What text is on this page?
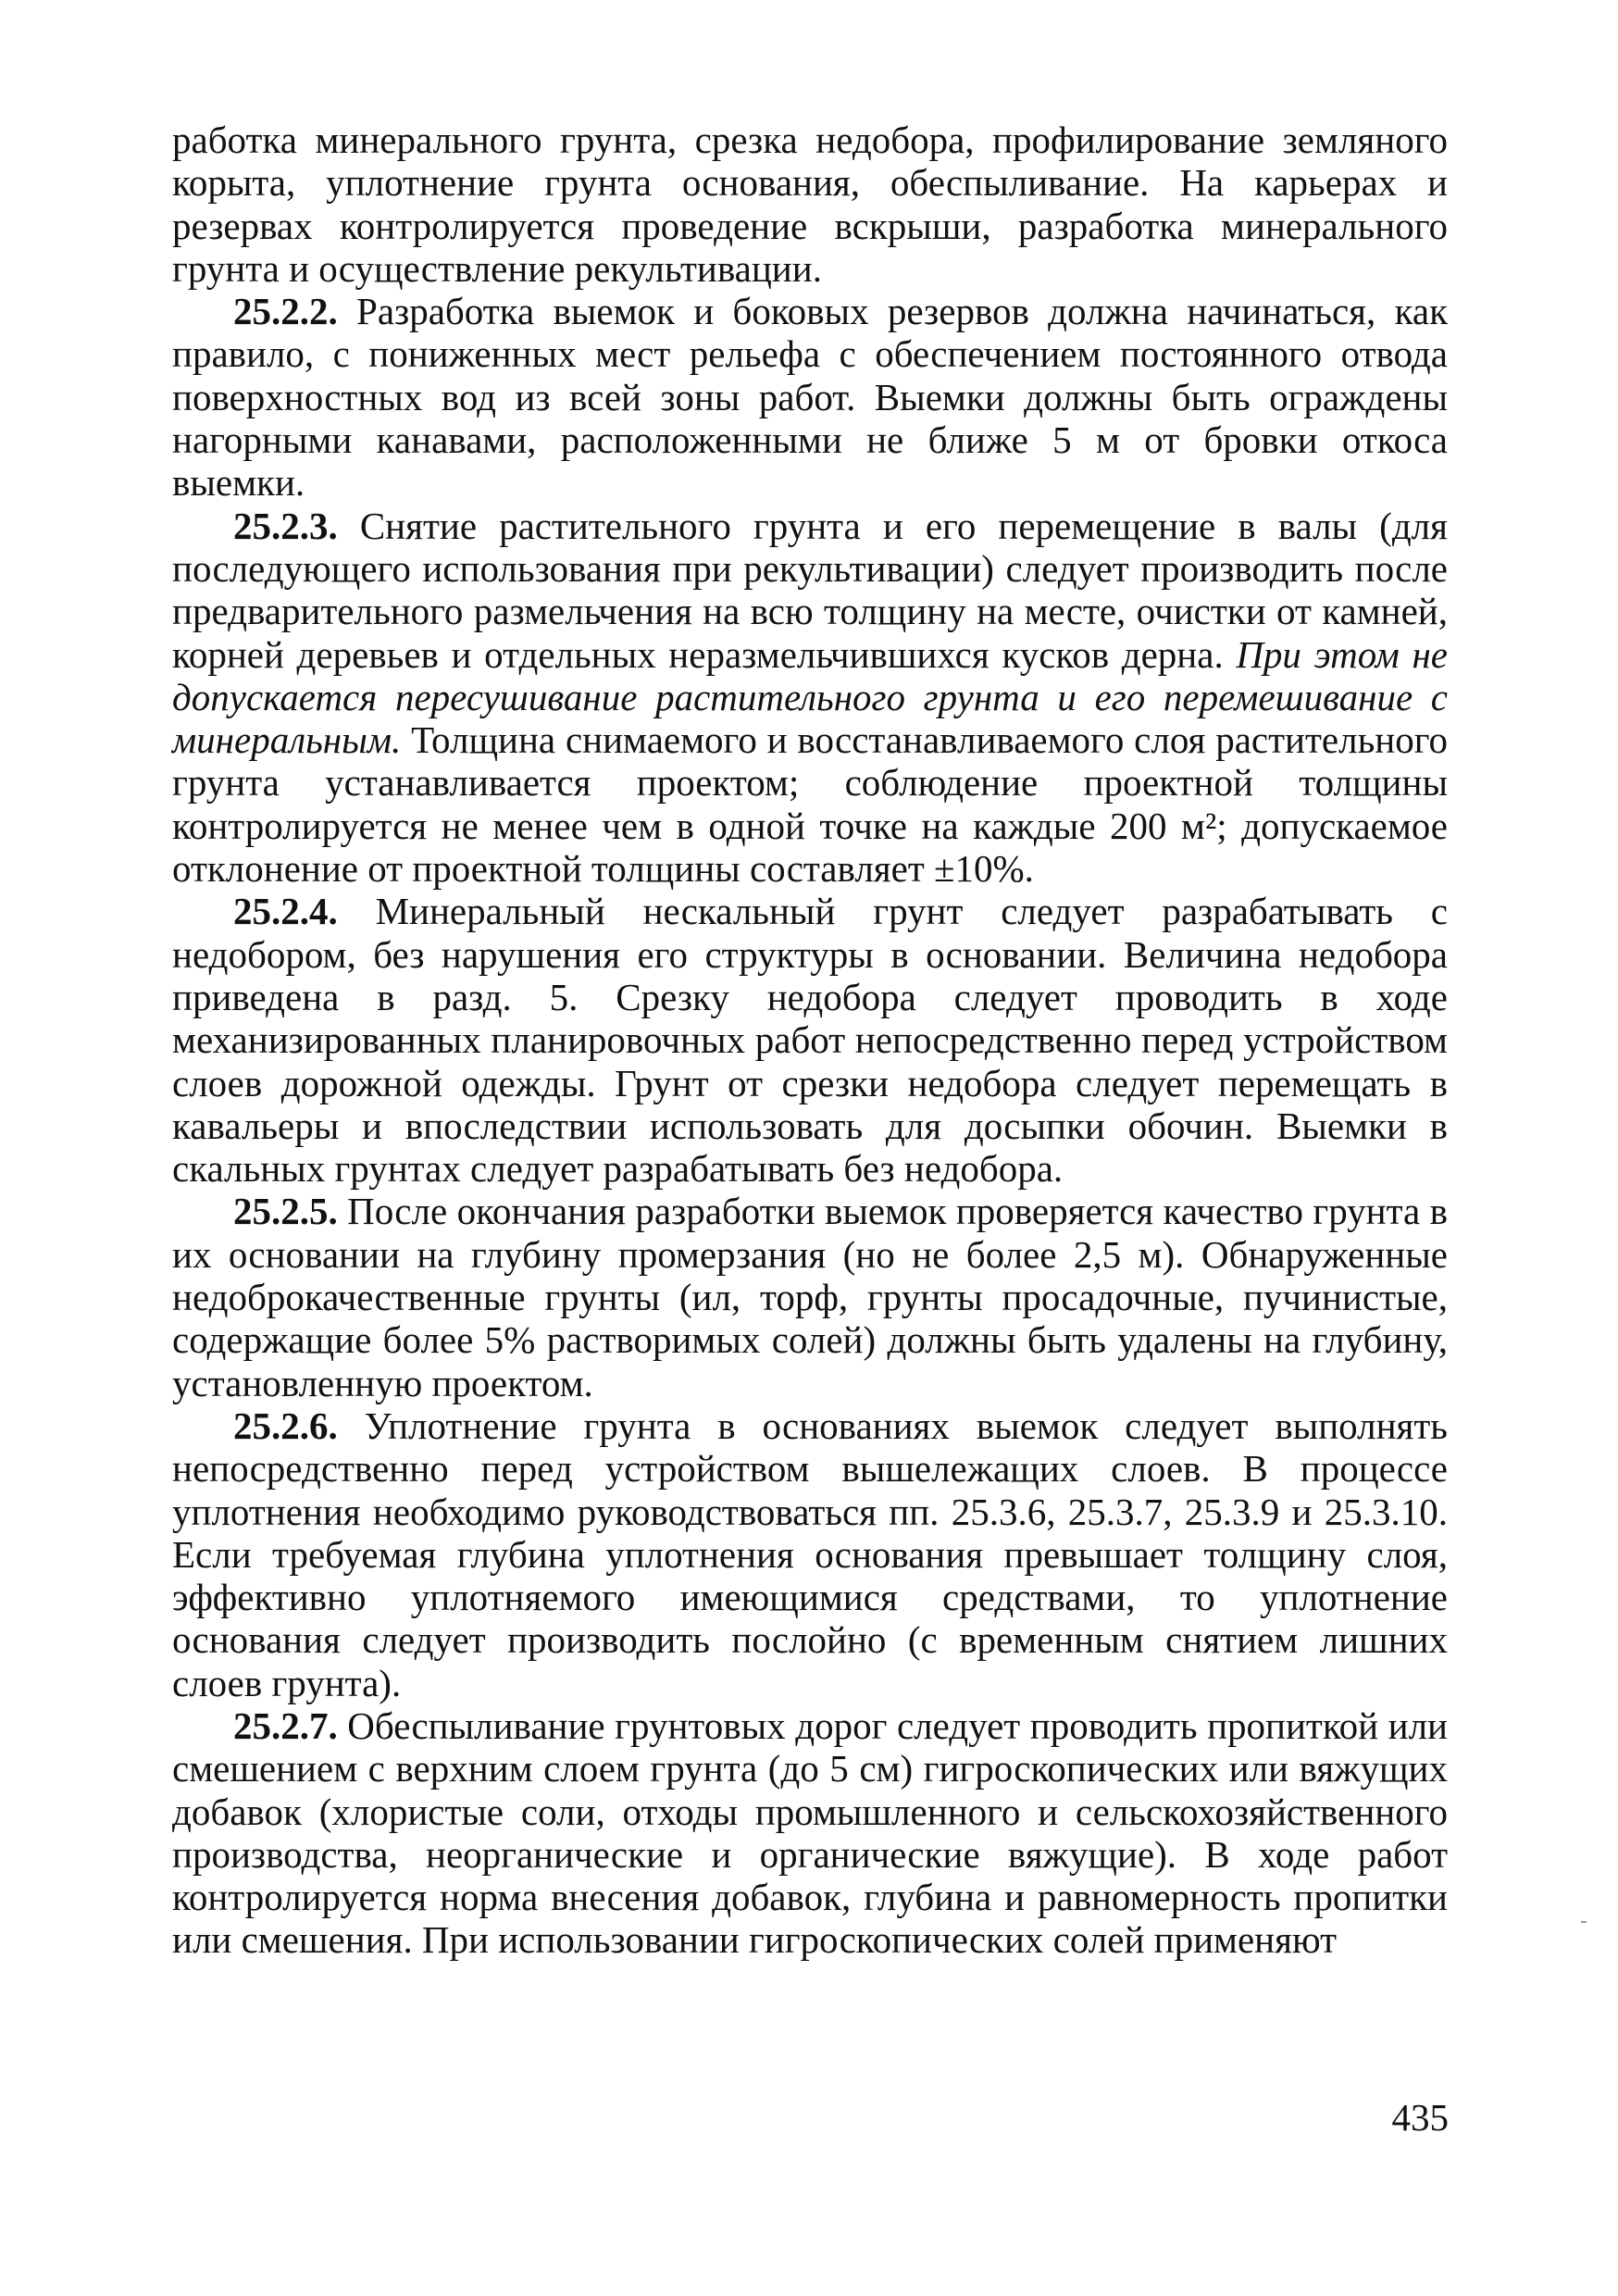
работка минерального грунта, срезка недобора, профилирование земляного корыта, уплотнение грунта основания, обеспыливание. На карьерах и резервах контролируется проведение вскрыши, разработка минерального грунта и осуществление рекультивации.

25.2.2. Разработка выемок и боковых резервов должна начинаться, как правило, с пониженных мест рельефа с обеспечением постоянного отвода поверхностных вод из всей зоны работ. Выемки должны быть ограждены нагорными канавами, расположенными не ближе 5 м от бровки откоса выемки.

25.2.3. Снятие растительного грунта и его перемещение в валы (для последующего использования при рекультивации) следует производить после предварительного размельчения на всю толщину на месте, очистки от камней, корней деревьев и отдельных неразмельчившихся кусков дерна. При этом не допускается пересушивание растительного грунта и его перемешивание с минеральным. Толщина снимаемого и восстанавливаемого слоя растительного грунта устанавливается проектом; соблюдение проектной толщины контролируется не менее чем в одной точке на каждые 200 м²; допускаемое отклонение от проектной толщины составляет ±10%.

25.2.4. Минеральный нескальный грунт следует разрабатывать с недобором, без нарушения его структуры в основании. Величина недобора приведена в разд. 5. Срезку недобора следует проводить в ходе механизированных планировочных работ непосредственно перед устройством слоев дорожной одежды. Грунт от срезки недобора следует перемещать в кавальеры и впоследствии использовать для досыпки обочин. Выемки в скальных грунтах следует разрабатывать без недобора.

25.2.5. После окончания разработки выемок проверяется качество грунта в их основании на глубину промерзания (но не более 2,5 м). Обнаруженные недоброкачественные грунты (ил, торф, грунты просадочные, пучинистые, содержащие более 5% растворимых солей) должны быть удалены на глубину, установленную проектом.

25.2.6. Уплотнение грунта в основаниях выемок следует выполнять непосредственно перед устройством вышележащих слоев. В процессе уплотнения необходимо руководствоваться пп. 25.3.6, 25.3.7, 25.3.9 и 25.3.10. Если требуемая глубина уплотнения основания превышает толщину слоя, эффективно уплотняемого имеющимися средствами, то уплотнение основания следует производить послойно (с временным снятием лишних слоев грунта).

25.2.7. Обеспыливание грунтовых дорог следует проводить пропиткой или смешением с верхним слоем грунта (до 5 см) гигроскопических или вяжущих добавок (хлористые соли, отходы промышленного и сельскохозяйственного производства, неорганические и органические вяжущие). В ходе работ контролируется норма внесения добавок, глубина и равномерность пропитки или смешения. При использовании гигроскопических солей применяют

435
